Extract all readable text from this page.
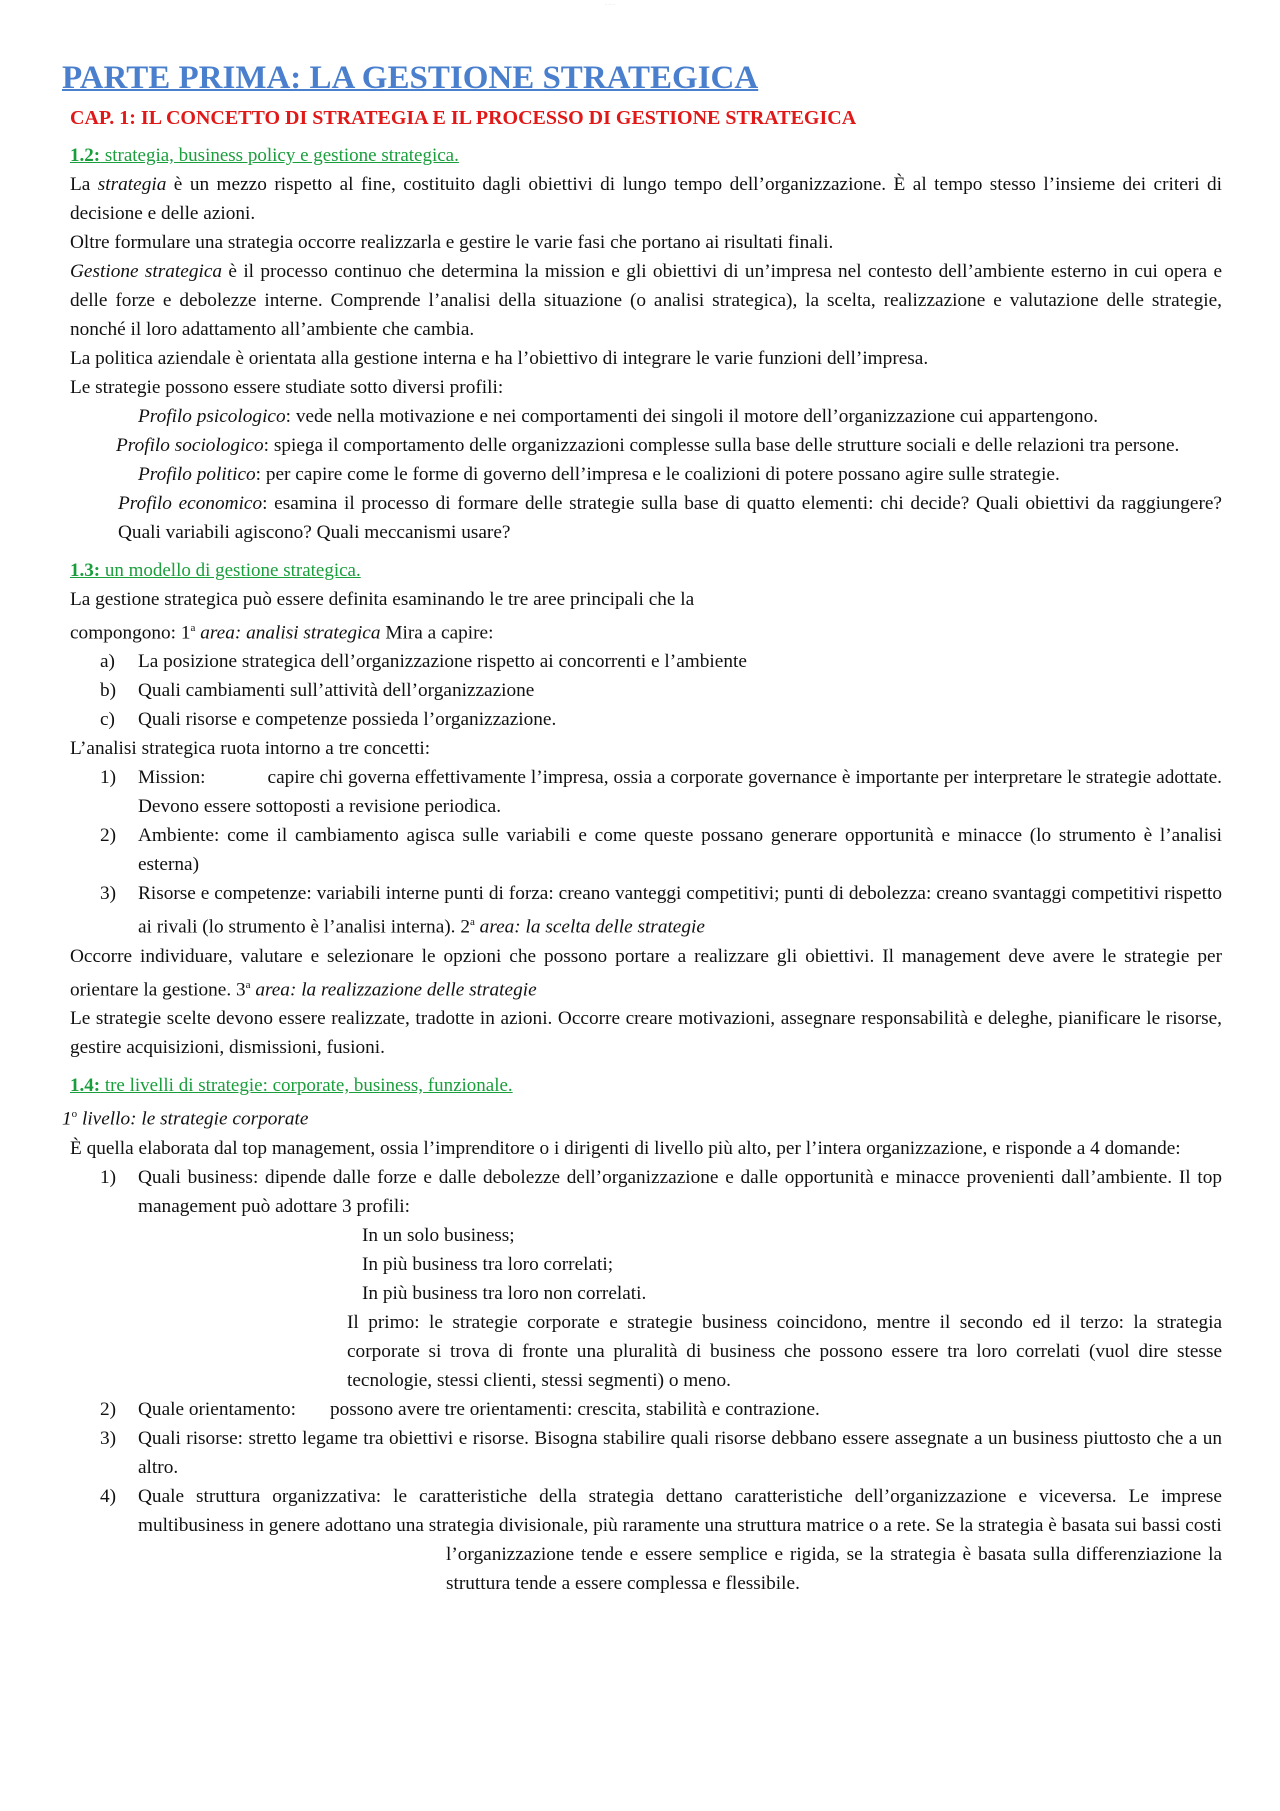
········
PARTE PRIMA: LA GESTIONE STRATEGICA
CAP. 1: IL CONCETTO DI STRATEGIA E IL PROCESSO DI GESTIONE STRATEGICA
1.2: strategia, business policy e gestione strategica.

La strategia è un mezzo rispetto al fine, costituito dagli obiettivi di lungo tempo dell’organizzazione. È al tempo stesso l’insieme dei criteri di decisione e delle azioni.

Oltre formulare una strategia occorre realizzarla e gestire le varie fasi che portano ai risultati finali.

Gestione strategica è il processo continuo che determina la mission e gli obiettivi di un’impresa nel contesto dell’ambiente esterno in cui opera e delle forze e debolezze interne. Comprende l’analisi della situazione (o analisi strategica), la scelta, realizzazione e valutazione delle strategie, nonché il loro adattamento all’ambiente che cambia.

La politica aziendale è orientata alla gestione interna e ha l’obiettivo di integrare le varie funzioni dell’impresa.

Le strategie possono essere studiate sotto diversi profili:

Profilo psicologico: vede nella motivazione e nei comportamenti dei singoli il motore dell’organizzazione cui appartengono.

Profilo sociologico: spiega il comportamento delle organizzazioni complesse sulla base delle strutture sociali e delle relazioni tra persone.

Profilo politico: per capire come le forme di governo dell’impresa e le coalizioni di potere possano agire sulle strategie.

Profilo economico: esamina il processo di formare delle strategie sulla base di quatto elementi: chi decide? Quali obiettivi da raggiungere? Quali variabili agiscono? Quali meccanismi usare?

1.3: un modello di gestione strategica.

La gestione strategica può essere definita esaminando le tre aree principali che la

compongono: 1$^a$ area: analisi strategica Mira a capire:

a) La posizione strategica dell’organizzazione rispetto ai concorrenti e l’ambiente
b) Quali cambiamenti sull’attività dell’organizzazione
c) Quali risorse e competenze possieda l’organizzazione.

L’analisi strategica ruota intorno a tre concetti:

1) Mission:	capire chi governa effettivamente l’impresa, ossia a corporate governance è importante per interpretare le strategie adottate. Devono essere sottoposti a revisione periodica.
2) Ambiente: come il cambiamento agisca sulle variabili e come queste possano generare opportunità e minacce (lo strumento è l’analisi esterna)
3) Risorse e competenze: variabili interne punti di forza: creano vanteggi competitivi; punti di debolezza: creano svantaggi competitivi rispetto ai rivali (lo strumento è l’analisi interna). 2$^a$ area: la scelta delle strategie

Occorre individuare, valutare e selezionare le opzioni che possono portare a realizzare gli obiettivi. Il management deve avere le strategie per orientare la gestione. 3$^a$ area: la realizzazione delle strategie

Le strategie scelte devono essere realizzate, tradotte in azioni. Occorre creare motivazioni, assegnare responsabilità e deleghe, pianificare le risorse, gestire acquisizioni, dismissioni, fusioni.

1.4: tre livelli di strategie: corporate, business, funzionale.

1$^o$ livello: le strategie corporate

È quella elaborata dal top management, ossia l’imprenditore o i dirigenti di livello più alto, per l’intera organizzazione, e risponde a 4 domande:

1) Quali business: dipende dalle forze e dalle debolezze dell’organizzazione e dalle opportunità e minacce provenienti dall’ambiente. Il top management può adottare 3 profili:

In un solo business;

In più business tra loro correlati;

In più business tra loro non correlati.

Il primo: le strategie corporate e strategie business coincidono, mentre il secondo ed il terzo: la strategia corporate si trova di fronte una pluralità di business che possono essere tra loro correlati (vuol dire stesse tecnologie, stessi clienti, stessi segmenti) o meno.

2) Quale orientamento: possono avere tre orientamenti: crescita, stabilità e contrazione.
3) Quali risorse: stretto legame tra obiettivi e risorse. Bisogna stabilire quali risorse debbano essere assegnate a un business piuttosto che a un altro.
4) Quale struttura organizzativa: le caratteristiche della strategia dettano caratteristiche dell’organizzazione e viceversa. Le imprese multibusiness in genere adottano una strategia divisionale, più raramente una struttura matrice o a rete. Se la strategia è basata sui bassi costi

l’organizzazione tende e essere semplice e rigida, se la strategia è basata sulla differenziazione la struttura tende a essere complessa e flessibile.
